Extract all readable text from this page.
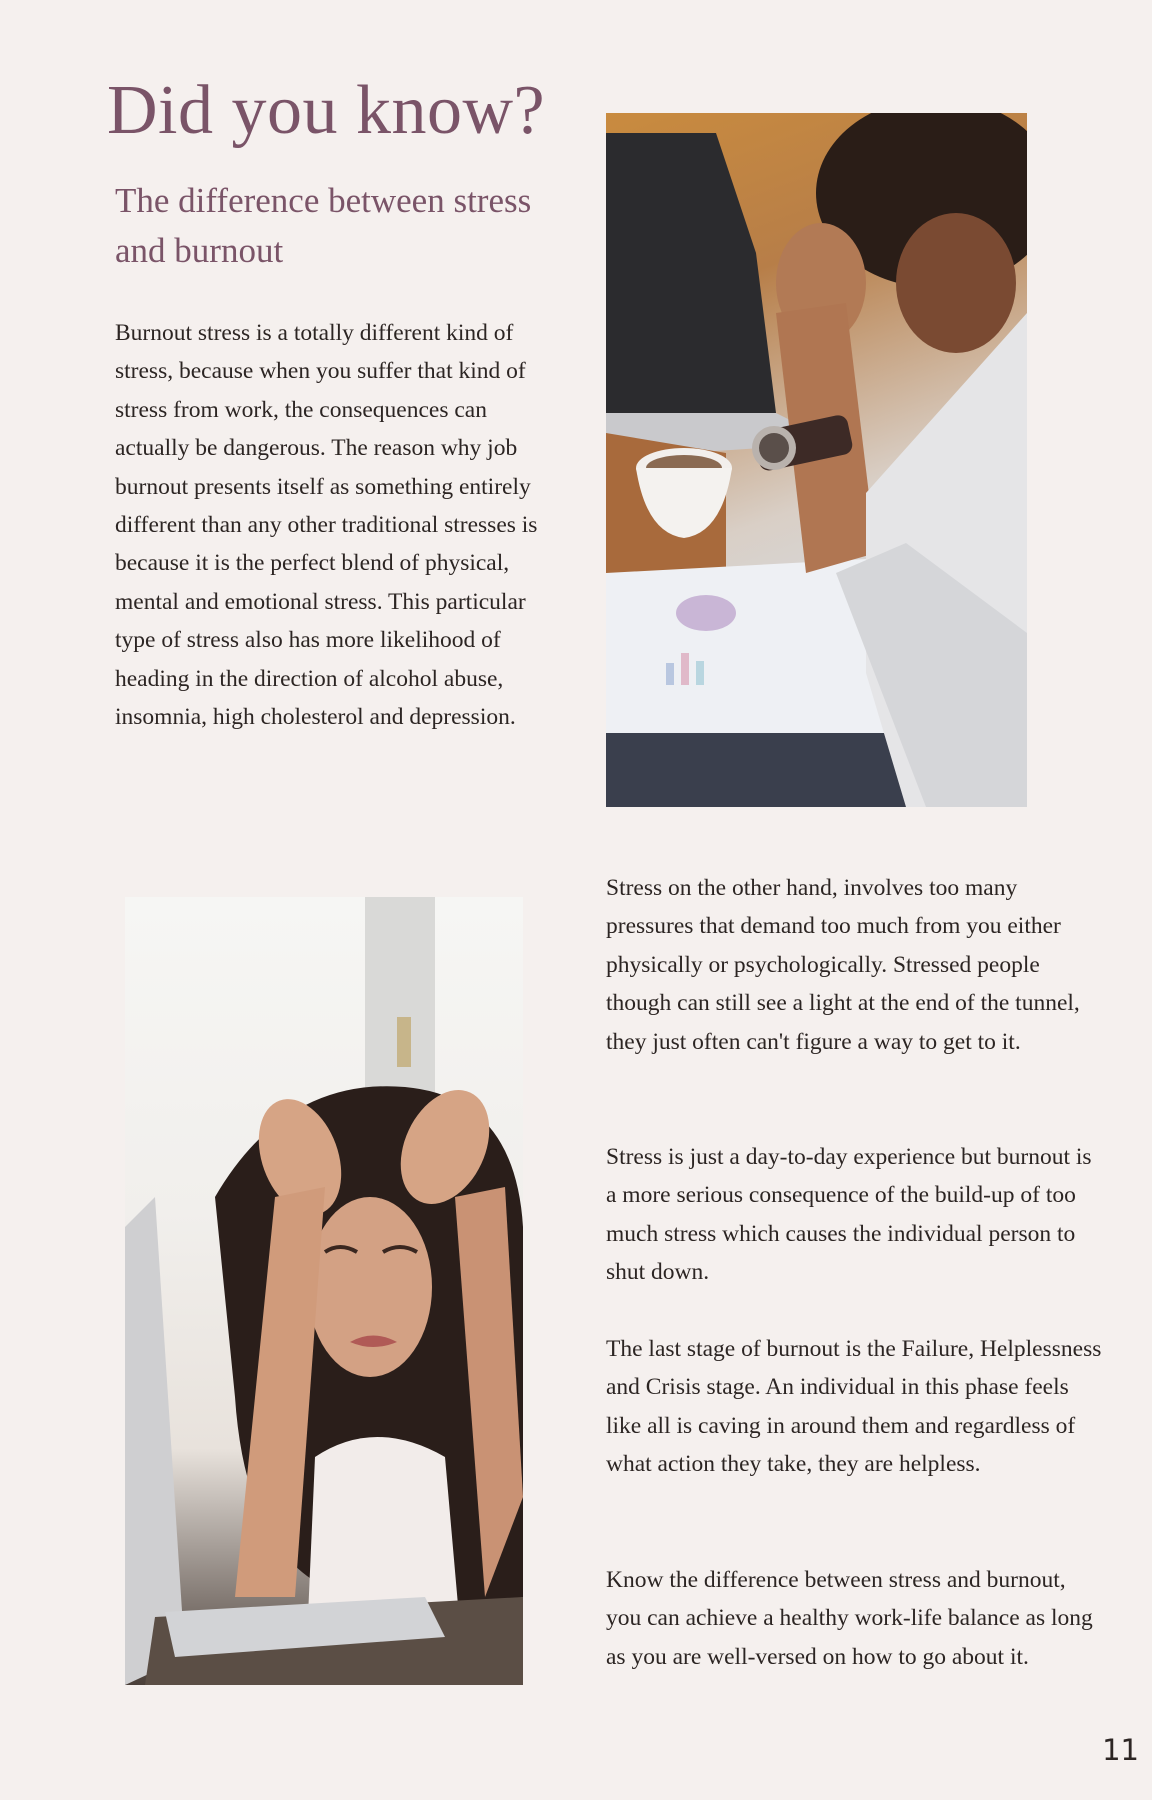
Did you know?
The difference between stress and burnout

Burnout stress is a totally different kind of stress, because when you suffer that kind of stress from work, the consequences can actually be dangerous. The reason why job burnout presents itself as something entirely different than any other traditional stresses is because it is the perfect blend of physical, mental and emotional stress. This particular type of stress also has more likelihood of heading in the direction of alcohol abuse, insomnia, high cholesterol and depression.

Stress on the other hand, involves too many pressures that demand too much from you either physically or psychologically. Stressed people though can still see a light at the end of the tunnel, they just often can't figure a way to get to it.

Stress is just a day-to-day experience but burnout is a more serious consequence of the build-up of too much stress which causes the individual person to shut down.

The last stage of burnout is the Failure, Helplessness and Crisis stage. An individual in this phase feels like all is caving in around them and regardless of what action they take, they are helpless.

Know the difference between stress and burnout, you can achieve a healthy work-life balance as long as you are well-versed on how to go about it.

11
